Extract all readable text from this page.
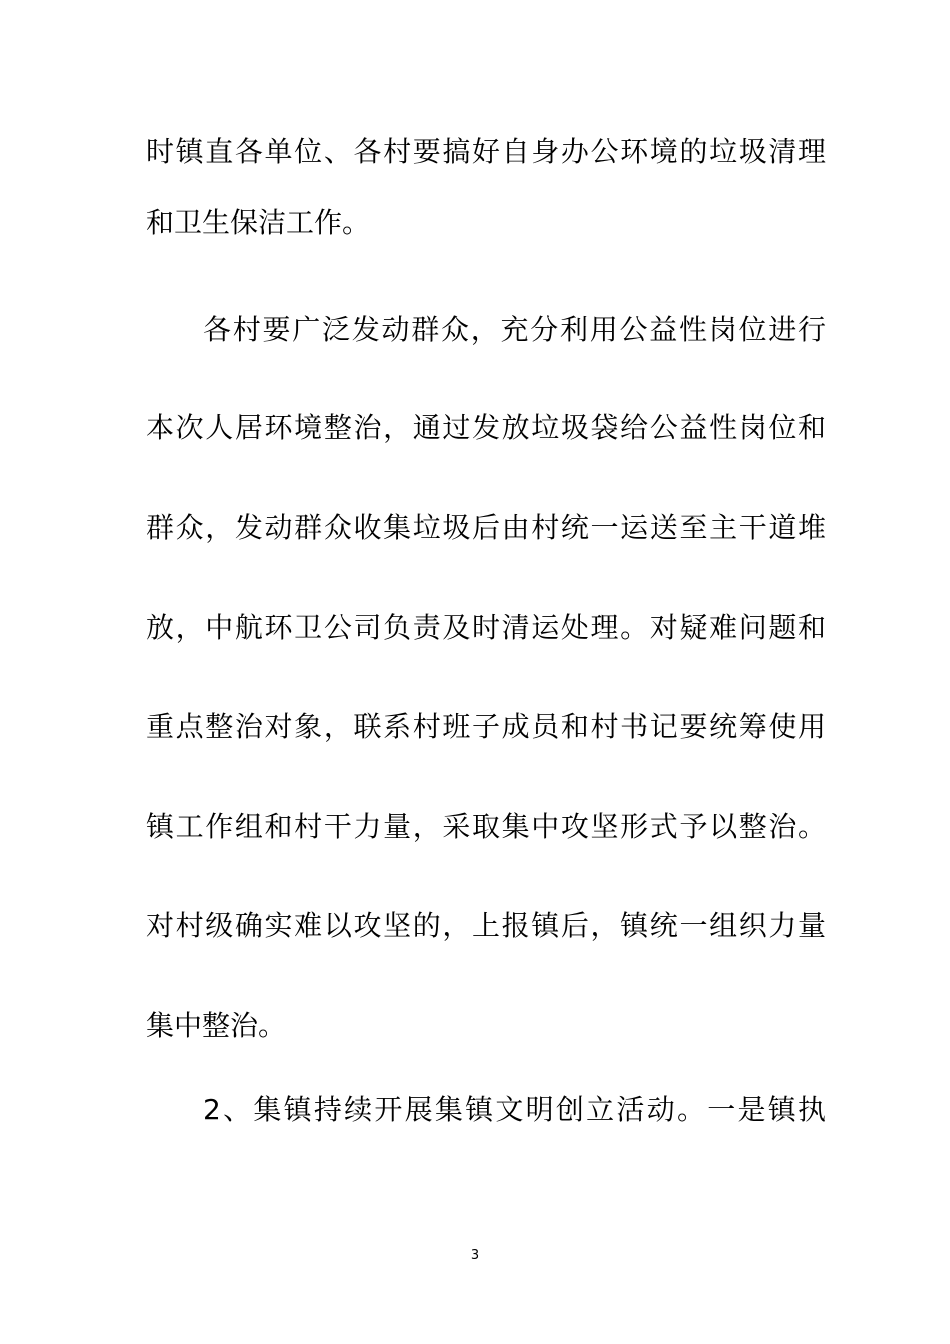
时镇直各单位、各村要搞好自身办公环境的垃圾清理
和卫生保洁工作。
各村要广泛发动群众，充分利用公益性岗位进行
本次人居环境整治，通过发放垃圾袋给公益性岗位和
群众，发动群众收集垃圾后由村统一运送至主干道堆
放，中航环卫公司负责及时清运处理。对疑难问题和
重点整治对象，联系村班子成员和村书记要统筹使用
镇工作组和村干力量，采取集中攻坚形式予以整治。
对村级确实难以攻坚的，上报镇后，镇统一组织力量
集中整治。
2、集镇持续开展集镇文明创立活动。一是镇执
3
